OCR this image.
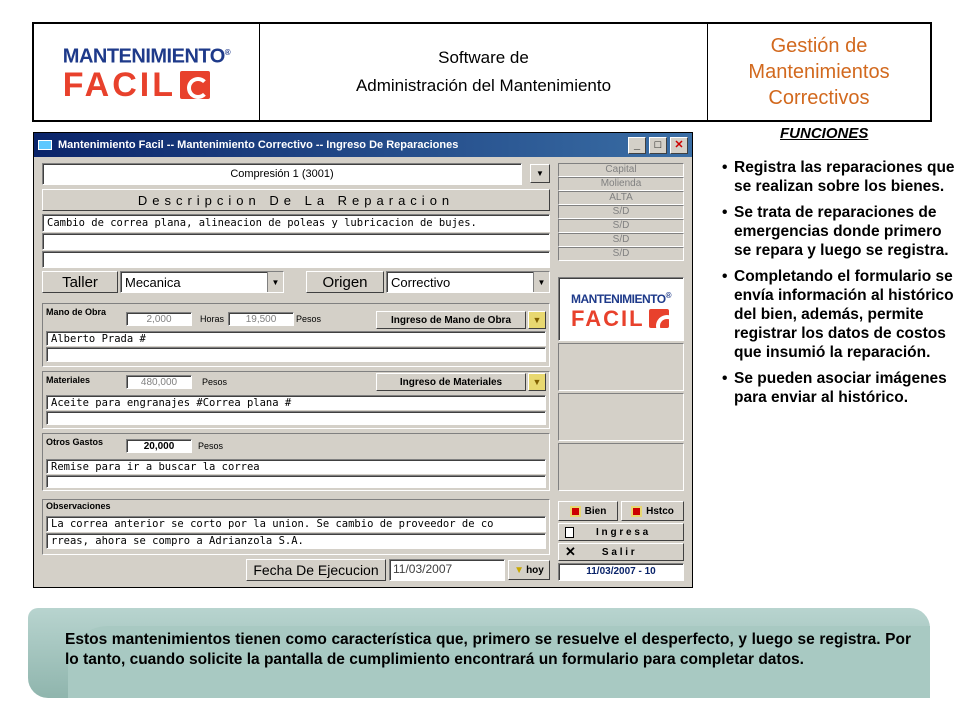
MANTENIMIENTO®
FACIL
Software de
Administración del Mantenimiento
Gestión de
Mantenimientos
Correctivos
Mantenimiento Facil -- Mantenimiento Correctivo -- Ingreso De Reparaciones	_ □ ✕
Compresión 1 (3001)	▼
Descripcion De La Reparacion
Cambio de correa plana, alineacion de poleas y lubricacion de bujes.
Taller	Mecanica	▼	Origen	Correctivo	▼
Capital
Molienda
ALTA
S/D
S/D
S/D
S/D
MANTENIMIENTO®
FACIL
Mano de Obra
2,000	Horas	19,500	Pesos	Ingreso de Mano de Obra	▼
Alberto Prada #
Materiales	480,000	Pesos	Ingreso de Materiales	▼
Aceite para engranajes #Correa plana #
Otros Gastos	20,000	Pesos
Remise para ir a buscar la correa
Observaciones
La correa anterior se corto por la union. Se cambio de proveedor de co
rreas, ahora se compro a Adrianzola S.A.
Fecha De Ejecucion	11/03/2007	▼ hoy
Bien	Hstco
I n g r e s a
✕	S a l i r
11/03/2007 - 10
FUNCIONES
• Registra las reparaciones que se realizan sobre los bienes.
• Se trata de reparaciones de emergencias donde primero se repara y luego se registra.
• Completando el formulario se envía información al histórico del bien, además, permite registrar los datos de costos que insumió la reparación.
• Se pueden asociar imágenes para enviar al histórico.
Estos mantenimientos tienen como característica que, primero se resuelve el desperfecto, y luego se registra. Por lo tanto, cuando solicite la pantalla de cumplimiento encontrará un formulario para completar datos.
